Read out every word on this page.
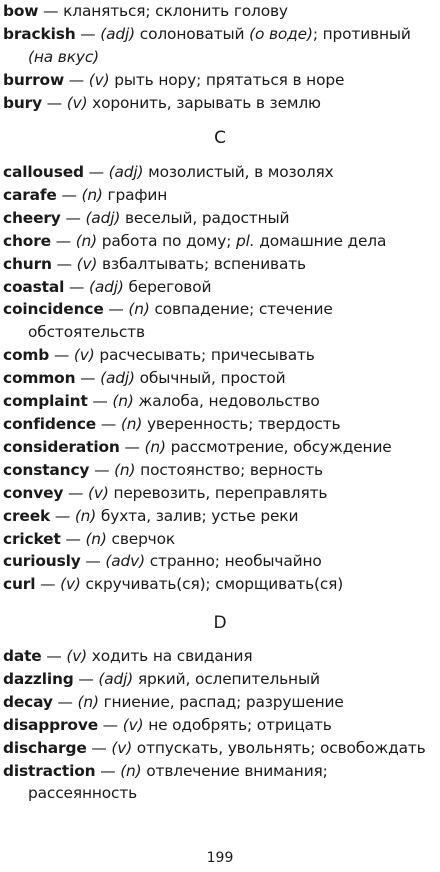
bow — кланяться; склонить голову
brackish — (adj) солоноватый (о воде); противный
(на вкус)
burrow — (v) рыть нору; прятаться в норе
bury — (v) хоронить, зарывать в землю
C
calloused — (adj) мозолистый, в мозолях
carafe — (n) графин
cheery — (adj) веселый, радостный
chore — (n) работа по дому; pl. домашние дела
churn — (v) взбалтывать; вспенивать
coastal — (adj) береговой
coincidence — (n) совпадение; стечение
обстоятельств
comb — (v) расчесывать; причесывать
common — (adj) обычный, простой
complaint — (n) жалоба, недовольство
confidence — (n) уверенность; твердость
consideration — (n) рассмотрение, обсуждение
constancy — (n) постоянство; верность
convey — (v) перевозить, переправлять
creek — (n) бухта, залив; устье реки
cricket — (n) сверчок
curiously — (adv) странно; необычайно
curl — (v) скручивать(ся); сморщивать(ся)
D
date — (v) ходить на свидания
dazzling — (adj) яркий, ослепительный
decay — (n) гниение, распад; разрушение
disapprove — (v) не одобрять; отрицать
discharge — (v) отпускать, увольнять; освобождать
distraction — (n) отвлечение внимания;
рассеянность
199
